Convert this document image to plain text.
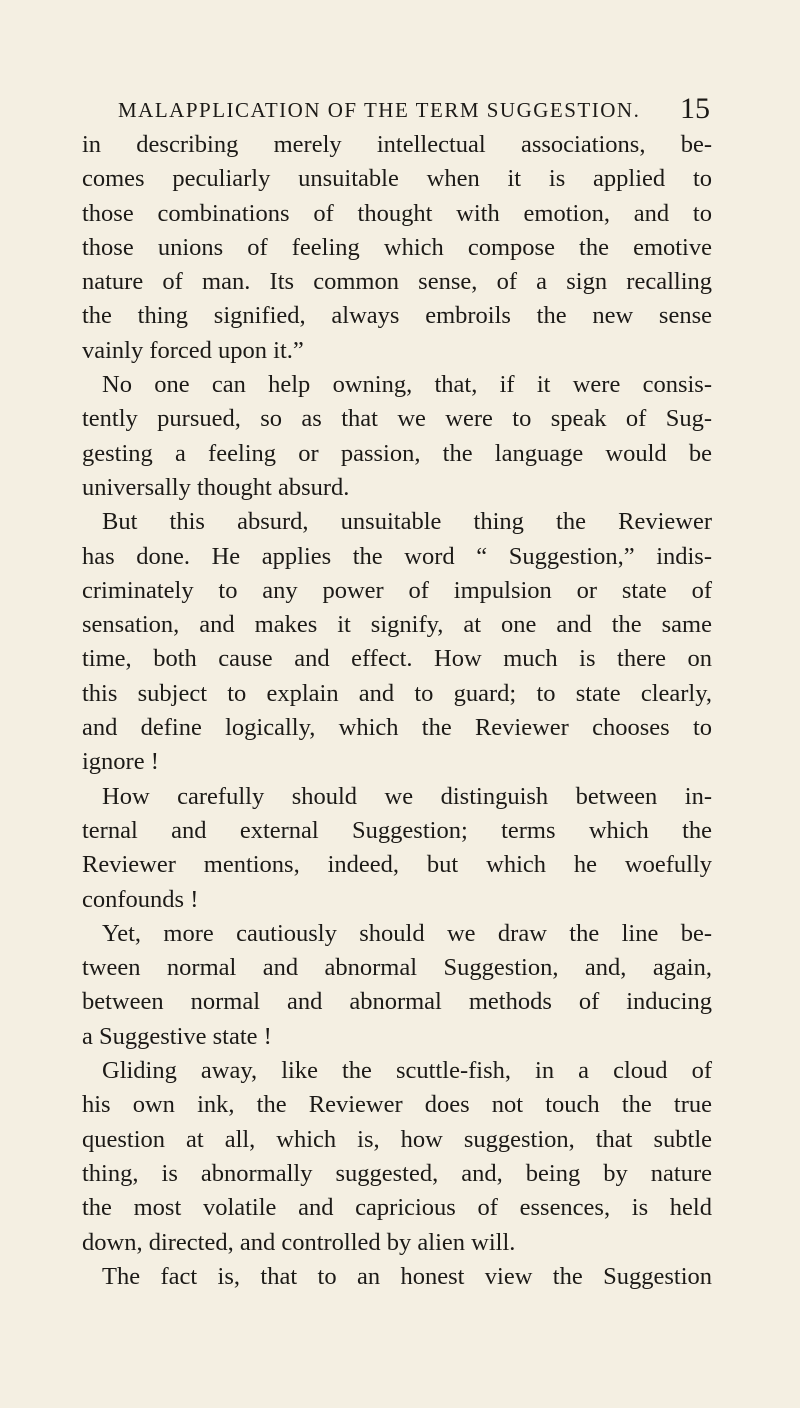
MALAPPLICATION OF THE TERM SUGGESTION. 15
in describing merely intellectual associations, be-
comes peculiarly unsuitable when it is applied to
those combinations of thought with emotion, and to
those unions of feeling which compose the emotive
nature of man. Its common sense, of a sign recalling
the thing signified, always embroils the new sense
vainly forced upon it.”
No one can help owning, that, if it were consis-
tently pursued, so as that we were to speak of Sug-
gesting a feeling or passion, the language would be
universally thought absurd.
But this absurd, unsuitable thing the Reviewer
has done. He applies the word “ Suggestion,” indis-
criminately to any power of impulsion or state of
sensation, and makes it signify, at one and the same
time, both cause and effect. How much is there on
this subject to explain and to guard; to state clearly,
and define logically, which the Reviewer chooses to
ignore !
How carefully should we distinguish between in-
ternal and external Suggestion; terms which the
Reviewer mentions, indeed, but which he woefully
confounds !
Yet, more cautiously should we draw the line be-
tween normal and abnormal Suggestion, and, again,
between normal and abnormal methods of inducing
a Suggestive state !
Gliding away, like the scuttle-fish, in a cloud of
his own ink, the Reviewer does not touch the true
question at all, which is, how suggestion, that subtle
thing, is abnormally suggested, and, being by nature
the most volatile and capricious of essences, is held
down, directed, and controlled by alien will.
The fact is, that to an honest view the Suggestion
